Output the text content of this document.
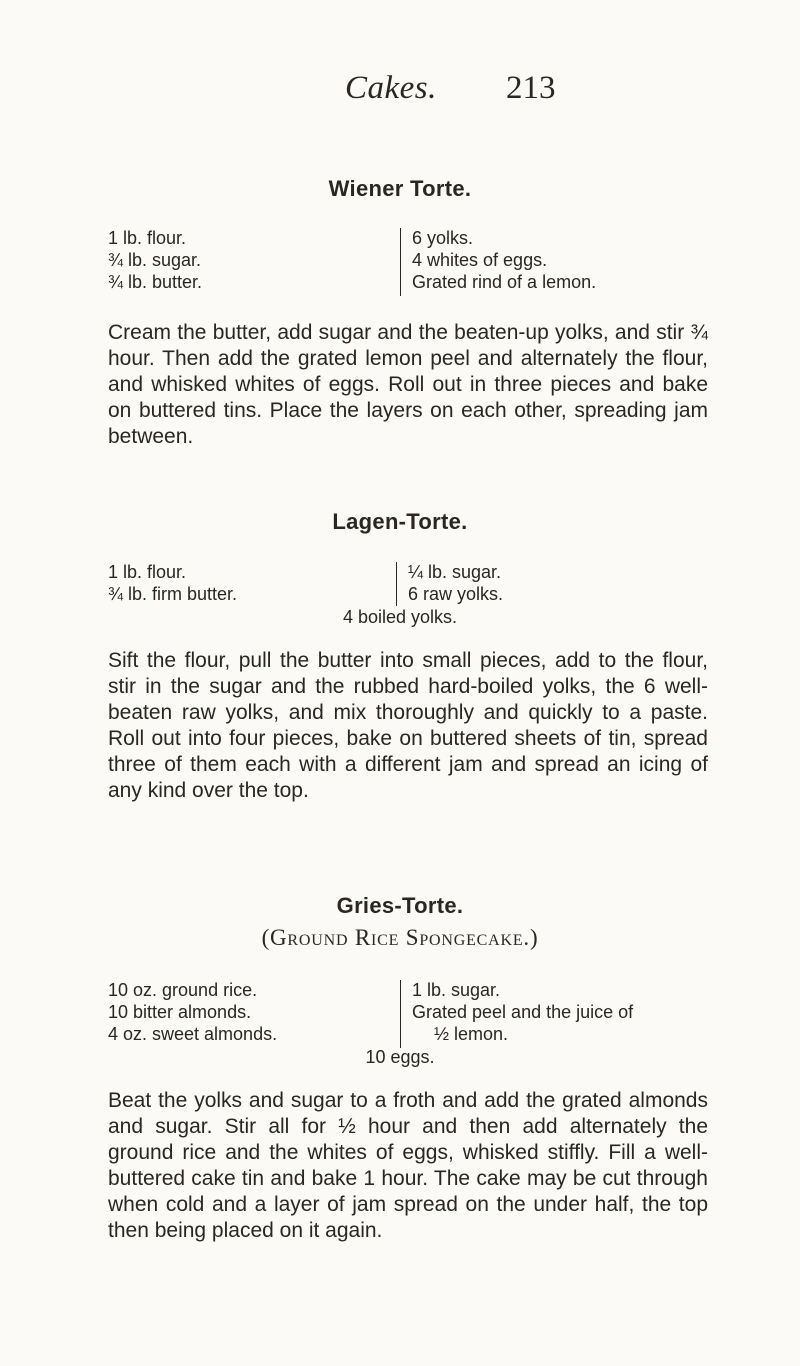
Cakes. 213
Wiener Torte.
1 lb. flour.
¾ lb. sugar.
¾ lb. butter.
6 yolks.
4 whites of eggs.
Grated rind of a lemon.
Cream the butter, add sugar and the beaten-up yolks, and stir ¾ hour. Then add the grated lemon peel and alternately the flour, and whisked whites of eggs. Roll out in three pieces and bake on buttered tins. Place the layers on each other, spreading jam between.
Lagen-Torte.
1 lb. flour.
¾ lb. firm butter.
¼ lb. sugar.
6 raw yolks.
4 boiled yolks.
Sift the flour, pull the butter into small pieces, add to the flour, stir in the sugar and the rubbed hard-boiled yolks, the 6 well-beaten raw yolks, and mix thoroughly and quickly to a paste. Roll out into four pieces, bake on buttered sheets of tin, spread three of them each with a different jam and spread an icing of any kind over the top.
Gries-Torte.
(Ground Rice Spongecake.)
10 oz. ground rice.
10 bitter almonds.
4 oz. sweet almonds.
1 lb. sugar.
Grated peel and the juice of
½ lemon.
10 eggs.
Beat the yolks and sugar to a froth and add the grated almonds and sugar. Stir all for ½ hour and then add alternately the ground rice and the whites of eggs, whisked stiffly. Fill a well-buttered cake tin and bake 1 hour. The cake may be cut through when cold and a layer of jam spread on the under half, the top then being placed on it again.
